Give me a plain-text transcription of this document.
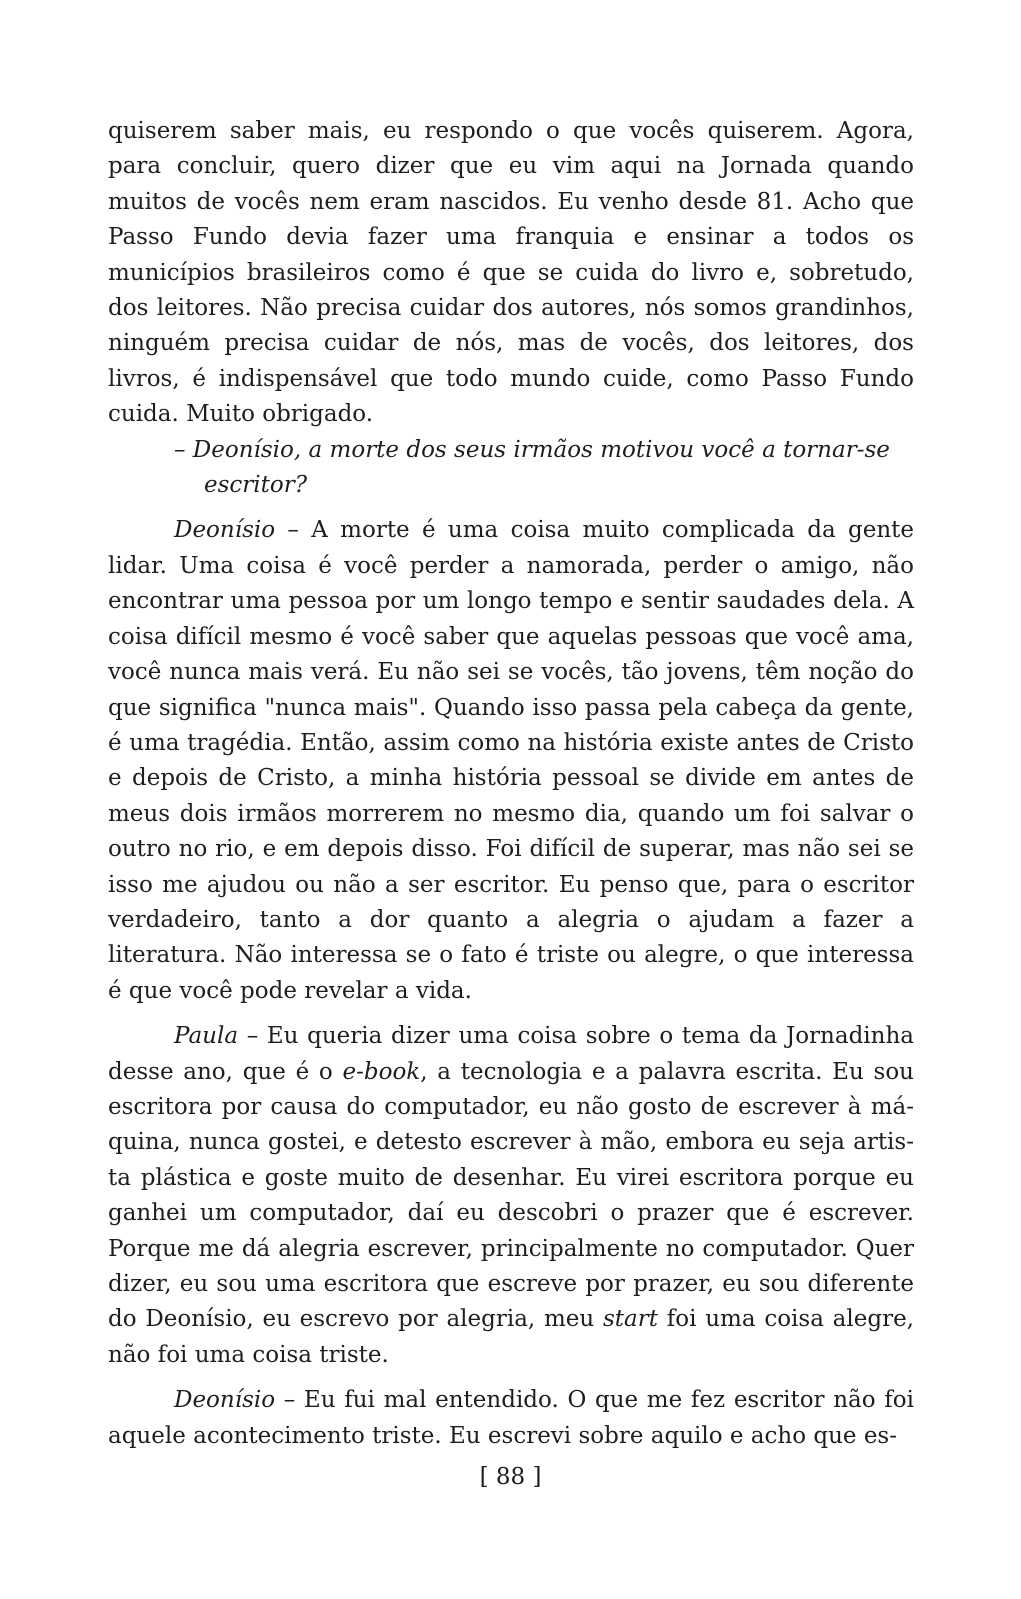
quiserem saber mais, eu respondo o que vocês quiserem. Agora, para concluir, quero dizer que eu vim aqui na Jornada quando muitos de vocês nem eram nascidos. Eu venho desde 81. Acho que Passo Fundo devia fazer uma franquia e ensinar a todos os municípios brasileiros como é que se cuida do livro e, sobretudo, dos leitores. Não precisa cuidar dos autores, nós somos grandinhos, ninguém precisa cuidar de nós, mas de vocês, dos leitores, dos livros, é indispensável que todo mundo cuide, como Passo Fundo cuida. Muito obrigado.

– Deonísio, a morte dos seus irmãos motivou você a tornar-se escritor?

Deonísio – A morte é uma coisa muito complicada da gente lidar. Uma coisa é você perder a namorada, perder o amigo, não encontrar uma pessoa por um longo tempo e sentir saudades dela. A coisa difícil mesmo é você saber que aquelas pessoas que você ama, você nunca mais verá. Eu não sei se vocês, tão jovens, têm noção do que significa "nunca mais". Quando isso passa pela cabeça da gente, é uma tragédia. Então, assim como na história existe antes de Cristo e depois de Cristo, a minha história pessoal se divide em antes de meus dois irmãos morrerem no mesmo dia, quando um foi salvar o outro no rio, e em depois disso. Foi difícil de superar, mas não sei se isso me ajudou ou não a ser escritor. Eu penso que, para o escritor verdadeiro, tanto a dor quanto a alegria o ajudam a fazer a literatura. Não interessa se o fato é triste ou alegre, o que interessa é que você pode revelar a vida.

Paula – Eu queria dizer uma coisa sobre o tema da Jornadinha desse ano, que é o e-book, a tecnologia e a palavra escrita. Eu sou escritora por causa do computador, eu não gosto de escrever à máquina, nunca gostei, e detesto escrever à mão, embora eu seja artista plástica e goste muito de desenhar. Eu virei escritora porque eu ganhei um computador, daí eu descobri o prazer que é escrever. Porque me dá alegria escrever, principalmente no computador. Quer dizer, eu sou uma escritora que escreve por prazer, eu sou diferente do Deonísio, eu escrevo por alegria, meu start foi uma coisa alegre, não foi uma coisa triste.

Deonísio – Eu fui mal entendido. O que me fez escritor não foi aquele acontecimento triste. Eu escrevi sobre aquilo e acho que es-

[ 88 ]
